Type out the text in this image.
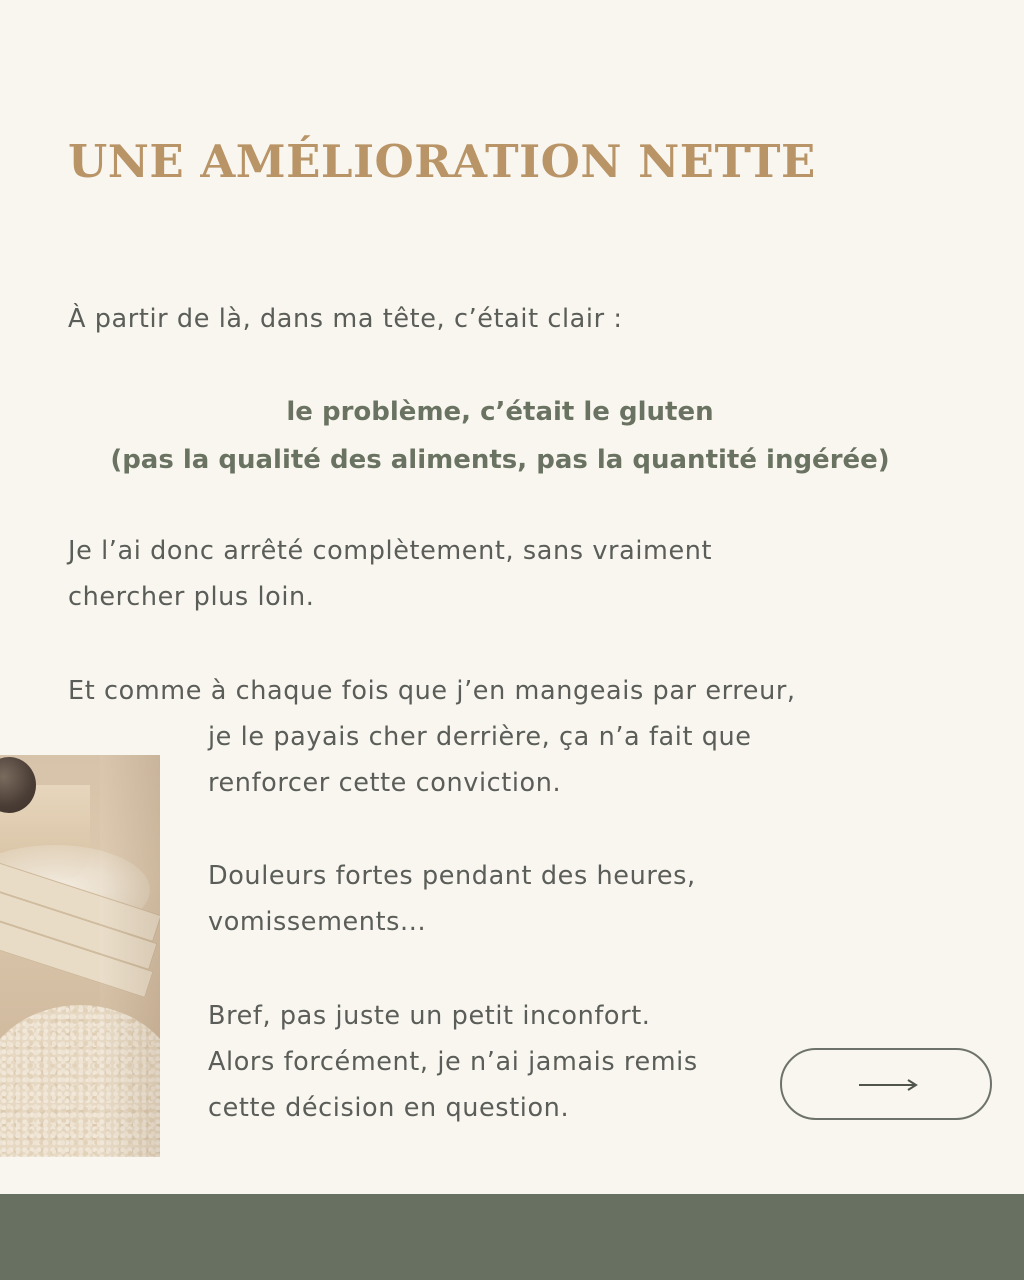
UNE AMÉLIORATION NETTE

À partir de là, dans ma tête, c’était clair :

le problème, c’était le gluten
(pas la qualité des aliments, pas la quantité ingérée)

Je l’ai donc arrêté complètement, sans vraiment
chercher plus loin.

Et comme à chaque fois que j’en mangeais par erreur,
je le payais cher derrière, ça n’a fait que
renforcer cette conviction.

Douleurs fortes pendant des heures,
vomissements...

Bref, pas juste un petit inconfort.
Alors forcément, je n’ai jamais remis
cette décision en question.
